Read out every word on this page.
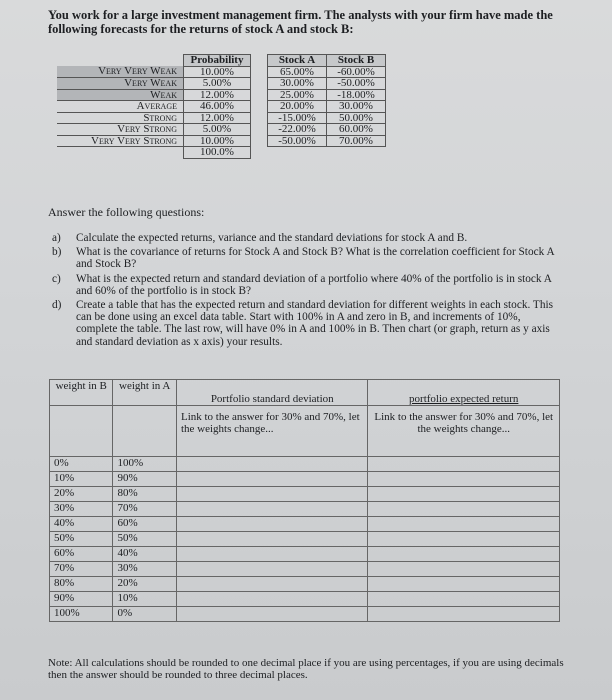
You work for a large investment management firm. The analysts with your firm have made the following forecasts for the returns of stock A and stock B:
	Probability		Stock A	Stock B
Very Very Weak	10.00%		65.00%	-60.00%
Very Weak	5.00%		30.00%	-50.00%
Weak	12.00%		25.00%	-18.00%
Average	46.00%		20.00%	30.00%
Strong	12.00%		-15.00%	50.00%
Very Strong	5.00%		-22.00%	60.00%
Very Very Strong	10.00%		-50.00%	70.00%
	100.0%			
Answer the following questions:
a)	Calculate the expected returns, variance and the standard deviations for stock A and B.
b)	What is the covariance of returns for Stock A and Stock B? What is the correlation coefficient for Stock A and Stock B?
c)	What is the expected return and standard deviation of a portfolio where 40% of the portfolio is in stock A and 60% of the portfolio is in stock B?
d)	Create a table that has the expected return and standard deviation for different weights in each stock. This can be done using an excel data table. Start with 100% in A and zero in B, and increments of 10%, complete the table. The last row, will have 0% in A and 100% in B. Then chart (or graph, return as y axis and standard deviation as x axis) your results.
weight in B	weight in A	Portfolio standard deviation	portfolio expected return
		Link to the answer for 30% and 70%, let the weights change...	Link to the answer for 30% and 70%, let the weights change...
0%	100%		
10%	90%		
20%	80%		
30%	70%		
40%	60%		
50%	50%		
60%	40%		
70%	30%		
80%	20%		
90%	10%		
100%	0%		
Note: All calculations should be rounded to one decimal place if you are using percentages, if you are using decimals then the answer should be rounded to three decimal places.
